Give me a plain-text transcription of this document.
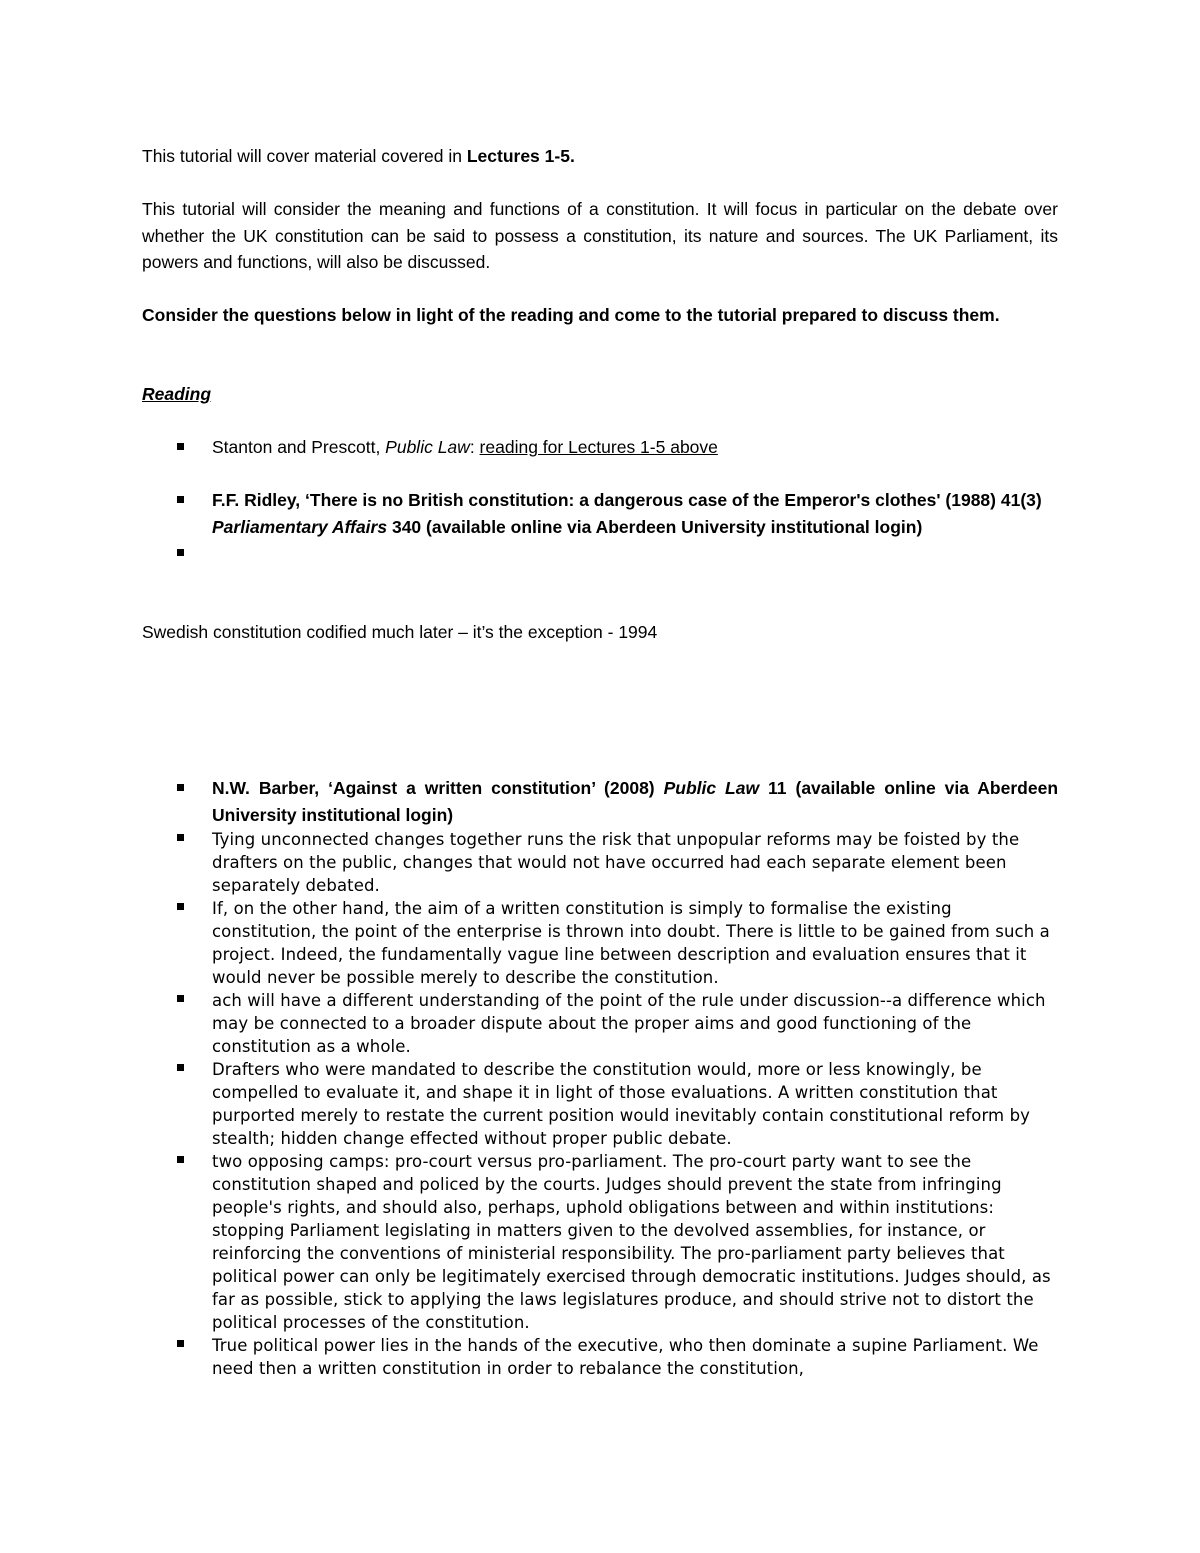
This tutorial will cover material covered in Lectures 1-5.

This tutorial will consider the meaning and functions of a constitution. It will focus in particular on the debate over whether the UK constitution can be said to possess a constitution, its nature and sources. The UK Parliament, its powers and functions, will also be discussed.

Consider the questions below in light of the reading and come to the tutorial prepared to discuss them.

Reading

Stanton and Prescott, Public Law: reading for Lectures 1-5 above
F.F. Ridley, ‘There is no British constitution: a dangerous case of the Emperor's clothes' (1988) 41(3) Parliamentary Affairs 340 (available online via Aberdeen University institutional login)

Swedish constitution codified much later – it’s the exception - 1994

N.W. Barber, ‘Against a written constitution’ (2008) Public Law 11 (available online via Aberdeen University institutional login)
Tying unconnected changes together runs the risk that unpopular reforms may be foisted by the drafters on the public, changes that would not have occurred had each separate element been separately debated.
If, on the other hand, the aim of a written constitution is simply to formalise the existing constitution, the point of the enterprise is thrown into doubt. There is little to be gained from such a project. Indeed, the fundamentally vague line between description and evaluation ensures that it would never be possible merely to describe the constitution.
ach will have a different understanding of the point of the rule under discussion--a difference which may be connected to a broader dispute about the proper aims and good functioning of the constitution as a whole.
Drafters who were mandated to describe the constitution would, more or less knowingly, be compelled to evaluate it, and shape it in light of those evaluations. A written constitution that purported merely to restate the current position would inevitably contain constitutional reform by stealth; hidden change effected without proper public debate.
two opposing camps: pro-court versus pro-parliament. The pro-court party want to see the constitution shaped and policed by the courts. Judges should prevent the state from infringing people's rights, and should also, perhaps, uphold obligations between and within institutions: stopping Parliament legislating in matters given to the devolved assemblies, for instance, or reinforcing the conventions of ministerial responsibility. The pro-parliament party believes that political power can only be legitimately exercised through democratic institutions. Judges should, as far as possible, stick to applying the laws legislatures produce, and should strive not to distort the political processes of the constitution.
True political power lies in the hands of the executive, who then dominate a supine Parliament. We need then a written constitution in order to rebalance the constitution,
